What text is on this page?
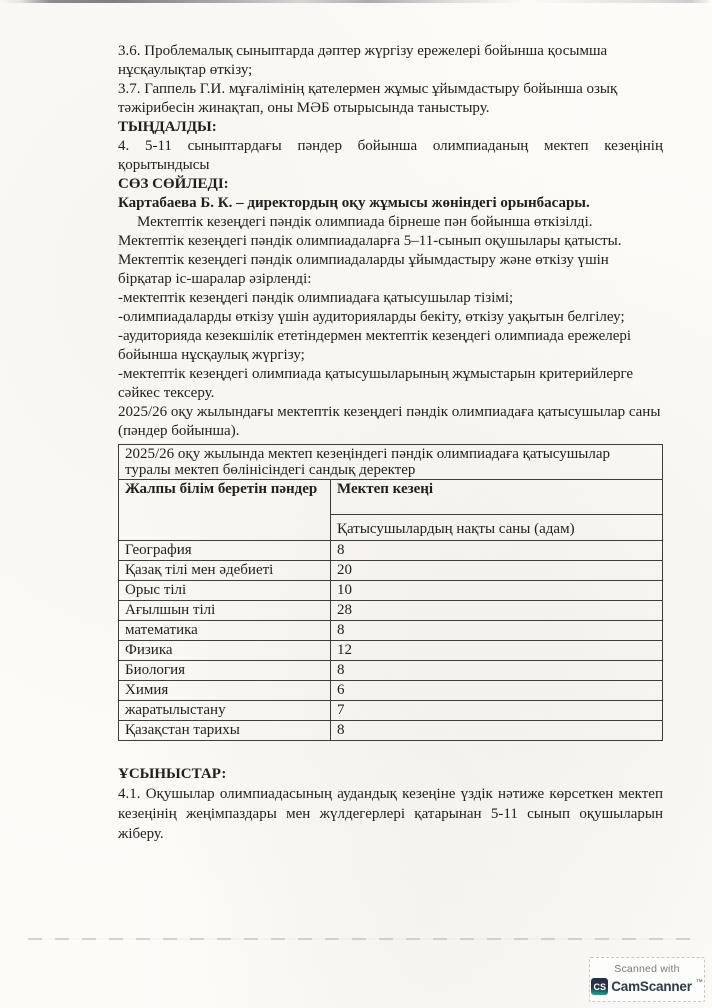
3.6. Проблемалық сыныптарда дәптер жүргізу ережелері бойынша қосымша нұсқаулықтар өткізу;

3.7. Гаппель Г.И. мұғалімінің қателермен жұмыс ұйымдастыру бойынша озық тәжірибесін жинақтап, оны МӘБ отырысында таныстыру.

ТЫҢДАЛДЫ:

4. 5-11 сыныптардағы пәндер бойынша олимпиаданың мектеп кезеңінің қорытындысы

СӨЗ СӨЙЛЕДІ:

Картабаева Б. К. – директордың оқу жұмысы жөніндегі орынбасары.

Мектептік кезеңдегі пәндік олимпиада бірнеше пән бойынша өткізілді.

Мектептік кезеңдегі пәндік олимпиадаларға 5–11-сынып оқушылары қатысты.

Мектептік кезеңдегі пәндік олимпиадаларды ұйымдастыру және өткізу үшін бірқатар іс-шаралар әзірленді:

-мектептік кезеңдегі пәндік олимпиадаға қатысушылар тізімі;

-олимпиадаларды өткізу үшін аудиторияларды бекіту, өткізу уақытын белгілеу;

-аудиторияда кезекшілік ететіндермен мектептік кезеңдегі олимпиада ережелері бойынша нұсқаулық жүргізу;

-мектептік кезеңдегі олимпиада қатысушыларының жұмыстарын критерийлерге сәйкес тексеру.

2025/26 оқу жылындағы мектептік кезеңдегі пәндік олимпиадаға қатысушылар саны (пәндер бойынша).

2025/26 оқу жылында мектеп кезеңіндегі пәндік олимпиадаға қатысушылар туралы мектеп бөлінісіндегі сандық деректер	
Жалпы білім беретін пәндер	Мектеп кезеңі
	Қатысушылардың нақты саны (адам)
География	8
Қазақ тілі мен әдебиеті	20
Орыс тілі	10
Ағылшын тілі	28
математика	8
Физика	12
Биология	8
Химия	6
жаратылыстану	7
Қазақстан тарихы	8

ҰСЫНЫСТАР:

4.1. Оқушылар олимпиадасының аудандық кезеңіне үздік нәтиже көрсеткен мектеп кезеңінің жеңімпаздары мен жүлдегерлері қатарынан 5-11 сынып оқушыларын жіберу.

Scanned with
CS CamScanner ™
